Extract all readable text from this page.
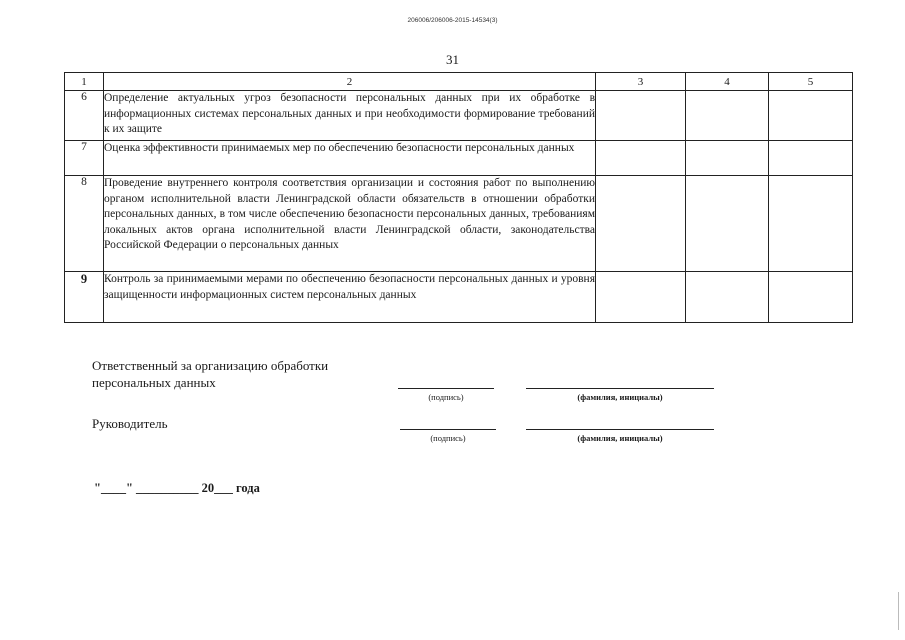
206006/206006-2015-14534(3)
31
1	2	3	4	5
6	Определение актуальных угроз безопасности персональных данных при их обработке в информационных системах персональных данных и при необходимости формирование требований к их защите			
7	Оценка эффективности принимаемых мер по обеспечению безопасности персональных данных			
8	Проведение внутреннего контроля соответствия организации и состояния работ по выполнению органом исполнительной власти Ленинградской области обязательств в отношении обработки персональных данных, в том числе обеспечению безопасности персональных данных, требованиям локальных актов органа исполнительной власти Ленинградской области, законодательства Российской Федерации о персональных данных			
9	Контроль за принимаемыми мерами по обеспечению безопасности персональных данных и уровня защищенности информационных систем персональных данных			
Ответственный за организацию обработки
персональных данных
(подпись)	(фамилия, инициалы)
Руководитель
(подпись)	(фамилия, инициалы)
"____" __________ 20___ года
